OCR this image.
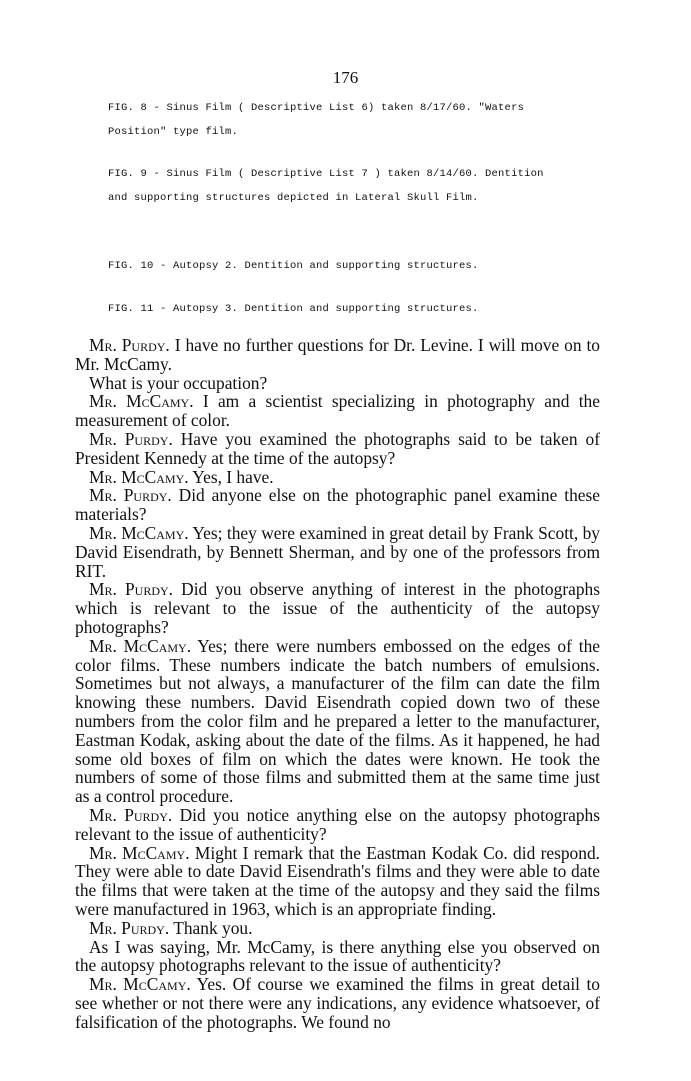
176
FIG. 8 - Sinus Film ( Descriptive List 6) taken 8/17/60. "Waters Position" type film.
FIG. 9 - Sinus Film ( Descriptive List 7 ) taken 8/14/60. Dentition and supporting structures depicted in Lateral Skull Film.
FIG. 10 - Autopsy 2. Dentition and supporting structures.
FIG. 11 - Autopsy 3. Dentition and supporting structures.

Mr. Purdy. I have no further questions for Dr. Levine. I will move on to Mr. McCamy.

What is your occupation?

Mr. McCamy. I am a scientist specializing in photography and the measurement of color.

Mr. Purdy. Have you examined the photographs said to be taken of President Kennedy at the time of the autopsy?

Mr. McCamy. Yes, I have.

Mr. Purdy. Did anyone else on the photographic panel examine these materials?

Mr. McCamy. Yes; they were examined in great detail by Frank Scott, by David Eisendrath, by Bennett Sherman, and by one of the professors from RIT.

Mr. Purdy. Did you observe anything of interest in the photographs which is relevant to the issue of the authenticity of the autopsy photographs?

Mr. McCamy. Yes; there were numbers embossed on the edges of the color films. These numbers indicate the batch numbers of emulsions. Sometimes but not always, a manufacturer of the film can date the film knowing these numbers. David Eisendrath copied down two of these numbers from the color film and he prepared a letter to the manufacturer, Eastman Kodak, asking about the date of the films. As it happened, he had some old boxes of film on which the dates were known. He took the numbers of some of those films and submitted them at the same time just as a control procedure.

Mr. Purdy. Did you notice anything else on the autopsy photographs relevant to the issue of authenticity?

Mr. McCamy. Might I remark that the Eastman Kodak Co. did respond. They were able to date David Eisendrath's films and they were able to date the films that were taken at the time of the autopsy and they said the films were manufactured in 1963, which is an appropriate finding.

Mr. Purdy. Thank you.

As I was saying, Mr. McCamy, is there anything else you observed on the autopsy photographs relevant to the issue of authenticity?

Mr. McCamy. Yes. Of course we examined the films in great detail to see whether or not there were any indications, any evidence whatsoever, of falsification of the photographs. We found no
